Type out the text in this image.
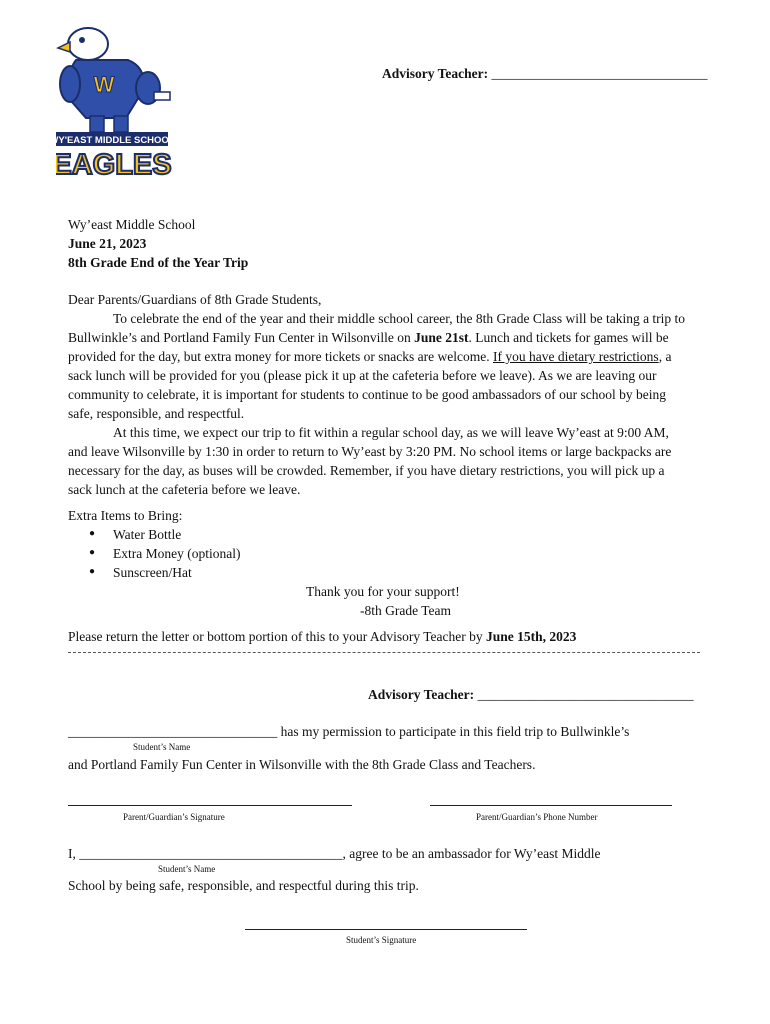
W
WY'EAST MIDDLE SCHOOL
EAGLES
Advisory Teacher: ________________________________
Wy’east Middle School
June 21, 2023
8th Grade End of the Year Trip
Dear Parents/Guardians of 8th Grade Students,
To celebrate the end of the year and their middle school career, the 8th Grade Class will be taking a trip to
Bullwinkle’s and Portland Family Fun Center in Wilsonville on June 21st. Lunch and tickets for games will be
provided for the day, but extra money for more tickets or snacks are welcome. If you have dietary restrictions, a
sack lunch will be provided for you (please pick it up at the cafeteria before we leave). As we are leaving our
community to celebrate, it is important for students to continue to be good ambassadors of our school by being
safe, responsible, and respectful.
At this time, we expect our trip to fit within a regular school day, as we will leave Wy’east at 9:00 AM,
and leave Wilsonville by 1:30 in order to return to Wy’east by 3:20 PM. No school items or large backpacks are
necessary for the day, as buses will be crowded. Remember, if you have dietary restrictions, you will pick up a
sack lunch at the cafeteria before we leave.
Extra Items to Bring:
● Water Bottle
● Extra Money (optional)
● Sunscreen/Hat
Thank you for your support!
-8th Grade Team
Please return the letter or bottom portion of this to your Advisory Teacher by June 15th, 2023
Advisory Teacher: ________________________________
_______________________________ has my permission to participate in this field trip to Bullwinkle’s
Student’s Name
and Portland Family Fun Center in Wilsonville with the 8th Grade Class and Teachers.
Parent/Guardian’s Signature	Parent/Guardian’s Phone Number
I, _______________________________________, agree to be an ambassador for Wy’east Middle
Student’s Name
School by being safe, responsible, and respectful during this trip.
Student’s Signature
